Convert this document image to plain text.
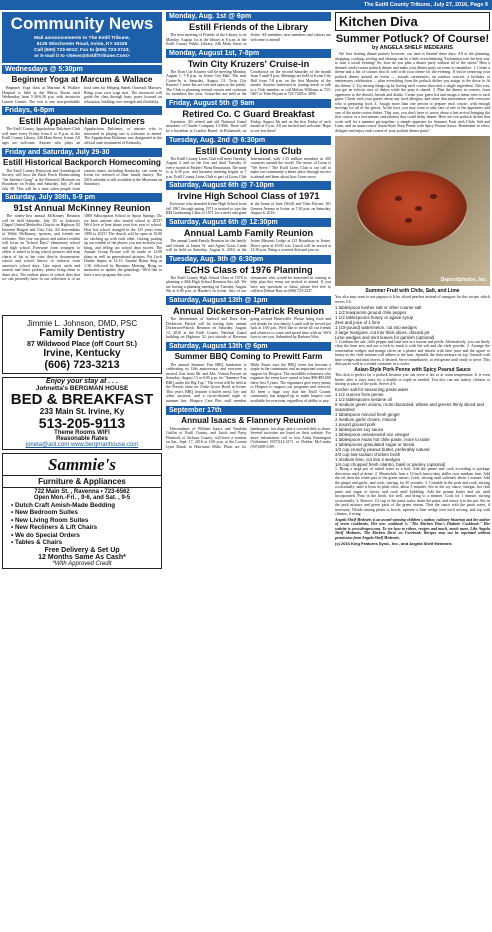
The Estill County Tribune, July 27, 2016, Page 9
Community News
Mail announcements to The Estill Tribune,
6135 Winchester Road, Irvine, KY 40336
Call (606) 723-5012; Fax to (606) 723-2743;
or E-mail it to <News@EstillTribune.Com>
Wednesdays @ 5:30pm
Beginner Yoga at Marcum & Wallace

Beginner Yoga class at Marcum & Wallace Hospital is held in the Mercy Room each Wednesday from 5:30-6:30 p.m. with instructor Lauren Conner. The cost is one non-perishable food item for Helping Hands Outreach Ministry. Bring your own yoga mat. The instructor will guide the class through basic poses focused on relaxation, building core strength and flexibility.

Fridays, 6-8pm
Estill Appalachian Dulcimers

The Estill County Appalachian Dulcimer Club will meet every Friday from 6 to 8 p.m. at the Estill County Library, 246 Main Street, Irvine. All ages are welcome. Anyone who plays an Appalachian Dulcimer, or anyone who is interested in playing one is welcome to attend. The Appalachian Dulcimer was designated as the official state instrument of Kentucky.

Friday and Saturday, July 29-30
Estill Historical Backporch Homecoming

The Estill County Historical and Genealogical Society will host the Back Porch Homecoming "the Internet Gang" at the Research Museum on Broadway on Friday and Saturday, July 29 and July 30. This will be a time when people from various states, including Kentucky, can come to Irvine for research of their family history. The 2016 calendar is still available at the Museums on Saturdays.

Saturday, July 30th, 5-9 pm
91st Annual McKinney Reunion

The ninety-first annual McKinney Reunion will be held Saturday, July 30, at Jackson's Chapel United Methodist Church on Highway 82 between Hargett and Clay City. All descendants of Wildy McKinney, spouses, and friends are welcome. This year our photo and artifact exhibit will focus on "School Days" elementary school and high school. Everyone from youngest to oldest is asked to bring school pictures and map charts of his or her own, they're documentary school and school history or artifacts from ancestor's school days. Like report cards and awards and letter jackets; please bring them to share also. The earliest photo of school days that we can presently have in our collection is of an 1880 Subscription School in Spout Springs. Do we have anyone who started school in 2015? We'd love to hear about your first year of school. How has school changed in the 125 years from 1890 to 2015? The church will be open at 10:00 for catching up with each other, visiting, putting up our exhibit of the photos you and artifacts you bring, and telling our school days stories. The Annual Group Picture will be made at 12:00 sharp as well as generational pictures. Pot Luck Dinner begins at 12:15. Annual Hymn Sing at 1:30, followed by Business Meeting. Bring us memories to update the genealogy. We'd like to have a nice program this year.

Jimmie L. Johnson, DMD, PSC
Family Dentistry
87 Wildwood Place (off Court St.)
Irvine, Kentucky
(606) 723-3213
Enjoy your stay at . . .
Johnetta's BERGMAN HOUSE
BED & BREAKFAST
233 Main St. Irvine, Ky
513-205-9113
Theme Rooms WIFI
Reasonable Rates
joneta@aol.com www.bergmanhouse.com
Sammie's
Furniture & Appliances
722 Main St. , Ravenna • 723-6562
Open Mon.-Fri. , 9-6, and Sat. , 9-5
• Dutch Craft Amish-Made Bedding
• New Bedroom Suites
• New Living Room Suites
• New Recliners & Lift Chairs
• We do Special Orders
• Tables & Chairs
Free Delivery & Set Up
12 Months Same As Cash*
*With Approved Credit
Monday, Aug. 1st @ 6pm
Estill Friends of the Library

The next meeting of Friends of the Library is on Monday, August 1st at the library at 6 p.m. at the Estill County Public Library, 246 Main Street in Irvine. All members, new members and visitors are welcome to attend!

Monday, August 1st, 7-8pm
Twin City Kruzers' Cruise-in

The Twin City Kruzers will be meeting Monday, August 1, 7-8 p.m. in Irvine City Hall. The next Cruise-In is Saturday, August 13. Twin City Kruzers' Cruise-Ins are free and open to the public. The Club is planning several cruises and cookouts for members this year. Cruise-Ins are held at the Courthouse on the second Saturday of the month from 5 until 9 p.m. Meetings are held at Irvine City Hall from 7-8 p.m. on the first Monday of the month. Anyone interested in joining needs to talk to a Club member or call Melvin Williams at 723-5467 or Tobo Bryant at 723-7248 or 3858.

Friday, August 5th @ 9am
Retired Co. C Guard Breakfast

Attention: All retired and old National Guard members of Charlie Company 1/149th. There will be a breakfast at Cracker Barrel, in Richmond, on Friday, August 5th and on the first Friday of each month at 9 a.m. All are invited and welcome. Hope to see you there!

Tuesday, Aug. 2nd @ 6:30pm
Estill County Lions Club

The Estill County Lions Club will meet Tuesday, August 2 and on the first and third Tuesday of every month at Parkers' Pizza Restaurant. The meal is at 6:30 p.m. and business meeting begins at 7 p.m. Estill County Lions Club is part of Lions Club International, with 1.35 million members in 205 countries around the world. The motto of Lions is "We Serve." The Estill Lions Club is our call to make our community a better place through service to attend and learn about how Lions serve.

Saturday, August 6th @ 7-10pm
Irvine High School Class of 1971

Everyone who attended Irvine High School from fall 1967 through spring 1971 is invited to join the IHS Graduating Class of 1971 for a meet and greet at the home of Jane (Wolf) and Tobo Bryant, 101 Geneva Avenue in Irvine, at 7:30 p.m. on Saturday, August 6, 2016.

Saturday, August 6th @ 12:30pm
Annual Lamb Family Reunion

The annual Lamb Family Reunion for the family and friends of James W. and Agnes Gross Lamb will be held on Saturday, August 6, 2016, at the Irvine Masonic Lodge at 221 Broadway in Irvine. Doors open at 10:00 a.m. Lunch will be served at 12:30 p.m. Bring a covered dish and join us.

Tuesday, Aug. 9th @ 6:30pm
ECHS Class of 1976 Planning

The Estill County High School Class of 1976 is planning a 40th High School Reunion this fall. We are having a planning meeting on Tuesday, August 9th at 6:30 p.m. at Hardee's in Irvine. Any of our classmates who would be interested in coming to help plan this event are invited to attend. If you have any questions or ideas, please feel free to call/text Denise Ratz at (606) 723-2547.

Saturday, August 13th @ 1pm
Annual Dickerson-Patrick Reunion

The descendants of Sanford and Dora Ann Dickerson Patrick will be having their annual Dickerson-Patrick Reunion on Saturday, August 13, 2016 at the Estill County National Guard building on Highway 52, just outside of Ravenna going toward Beattyville. Please bring food and soft drinks for you family. Lunch will be served pot luck at 1:00 p.m. We'd like to invite all our friends and relatives to come and spend time with us. We'd love to see you. Submitted by Barbara Wise

Saturday, August 13th @ 6pm
Summer BBQ Coming to Prewitt Farm

The annual Summer Fun BBQ fundraiser is celebrating its 16th anniversary, and everyone is invited. Join hosts Mr. and Mrs. Vinson Prewitt on Saturday, August 13 at 6:00 p.m. for "Summer Fun BBQ under the Big Top." The event will be held at the Prewitt farm on Cedar Grove Road in Irvine. This year's BBQ features a buffet meal, live and silent auctions, and a circus-themed night of summer fun. Hospice Care Plus staff member Nikki Stuart says the BBQ event has become a staple in the community and an important source of support for Hospice. The incredible volunteers who organize the event have raised at least $90-$95,000 these first 9 years. The organizers give every penny to Hospice to support our programs and services. It's been a huge way that the Estill County community has stepped up to make hospice care available for everyone, regardless of ability to pay.

September 17th
Annual Isaacs & Flannery Reunion

Descendants of William Isaacs and Vandalia Griffin of Estill County, and Jacob and Patsy Flannock of Jackson County, will have a reunion on Sat., Sept. 17, 2016 at 1:00 p.m. at the Loretta Lynn Ranch in Hurricane Mills. Plans are for hamburgers, hot dogs, and a covered dish to share. Several activities are listed on their website. For more information call or text Aisha Fannington (Valentine) (937)312-4171 or Debbie McCombs (937)408-3189.

Kitchen Diva
Summer Potluck? Of Course!
by ANGELA SHELF MEDEARIS

We love hosting dinner parties; however, our time is limited these days. All of the planning, shopping, cooking, serving and cleanup can be a little overwhelming. Enchantion isn't the best way to start a social evening! So, how do you plan a dinner party without all of the stress? Host a themed, multi-course potluck dinner and make your dinner party an event to remember. 1. Create a theme and a list of courses that fit well with your theme for the evening. If you're centering your potluck dinner around an event — awards ceremonies, an outdoor concert, a birthday or anniversary celebration — plan everything from the potluck dishes you assign to the decor to fit the theme. 2. Try mixing things up by having each course showcase a single ingredient. This way, you get an eclectic mix of dishes while the prep is shared. 3. Plan the dinner in courses, from appetizers to the dessert, breads and drinks. Create your guest list and assign a menu item to each guest. Check with your guests about any food allergies, and share that information with everyone who is preparing food. 4. Assign more than one person to prepare each course, with enough servings for all of the guests. At the host, you may want to take care of one of the appetizers and one of the main-course dishes. That way, you don't have to worry about a late arrival bringing the first course or a last-minute cancellation that could delay dinner. Here are two potluck dishes that work well for a summer get-together: a simple appetizer for Summer Fruit with Chile, Salt and Lime, and an main-course Asian-Style Pork Penne with Spicy Peanut Sauce. Remember to relax, delegate and enjoy each course of your potluck dinner party!

Depositphotos, Inc.
Summer Fruit with Chile, Salt, and Lime

You also may want to use papaya or Ichu, sliced peaches instead of mangoes for this recipe, which serves 5-6.

1 tablespoon kosher salt or other coarse salt
1 1/2 teaspoons ground chile pepper
1 1/2 tablespoons honey or agave syrup
Zest and juice of 1 lime
1 (10-pound) watermelon, cut into wedges
2 large mangoes, cut into thick slices, discard pit
Lime wedges and mint leaves for garnish (optional)

1. Combine the salt, chile pepper and lime zest in a mortar and pestle. Alternatively, you can finely chop the lime zest and use a fork to mash it with the salt and the chile powder. 2. Arrange the watermelon wedges and mango slices on a platter and drizzle with lime juice and the agave or honey so the chile mixture will adhere to the fruit. Sprinkle the chile mixture on top. Garnish with lime wedges and mint leaves, if desired. Serve immediately, or refrigerate until ready to serve. This dish packs well in a sealed container in a cooler.

Asian-Style Pork Penne with Spicy Peanut Sauce

This dish is perfect for a potluck because you can serve it hot or at room temperature. It is even better, after it stays tasty for a double or triple as needed. You also can use turkey, chicken or shrimp in place of the pork. Serves 4-6.

Kosher salt for seasoning pasta water
1 1/2 ounces from penne
1 1/2 tablespoons sesame oil
6 medium green onions, roots discarded, whites and greens thinly sliced and separated
1 tablespoon minced fresh ginger
2 medium garlic cloves, minced
1 pound ground pork
3 tablespoons soy sauce
1 tablespoon unseasoned rice vinegar
1 tablespoon Asian hot chile paste, more to taste
1 tablespoons granulated sugar or stevia
1/2 cup crunchy peanut butter, preferably natural
2/3 cup low-sodium chicken broth
1 medium lime, cut into 4 wedges
1/4 cup chopped fresh cilantro, basil or parsley (optional)

1. Bring a large pot of salted water to a boil. Add the penne and cook according to package directions until al dente. 2. Meanwhile, heat a 10-inch heavy-duty skillet over medium heat. Add the oil, then the white part of the green onions. Cook, stirring until softened, about 1 minute. Add the ginger and garlic, and cook, stirring, for 30 seconds. 3. Crumble in the pork and cook, stirring occasionally, until it loses its pink color, about 5 minutes. Stir in the soy sauce, vinegar, hot chili paste and sugar or stevia, and cook until bubbling. Add the peanut butter and stir until incorporated. Pour in the broth, stir well, and bring to a simmer. Cook for 1 minute, stirring occasionally. 4. Reserve 1/2 cup of the pasta water, drain the pasta, and return it to the pot. Stir in the pork mixture and green parts of the green onions. Thin the sauce with the pasta water, if necessary. Divide among plates or bowls, squeeze a lime wedge over each serving, and top with cilantro, if using.

Angela Shelf Medearis is an award-winning children's author, culinary historian and the author of seven cookbooks. Her new cookbook is "The Kitchen Diva's Diabetic Cookbook." Her website is www.divapro.com. To see how-to videos, recipes and much, much more, Like Angela Shelf Medearis, The Kitchen Diva! on Facebook. Recipes may not be reprinted without permission from Angela Shelf Medearis.

(c) 2016 King Features Synd., Inc., and Angela Shelf Medearis
